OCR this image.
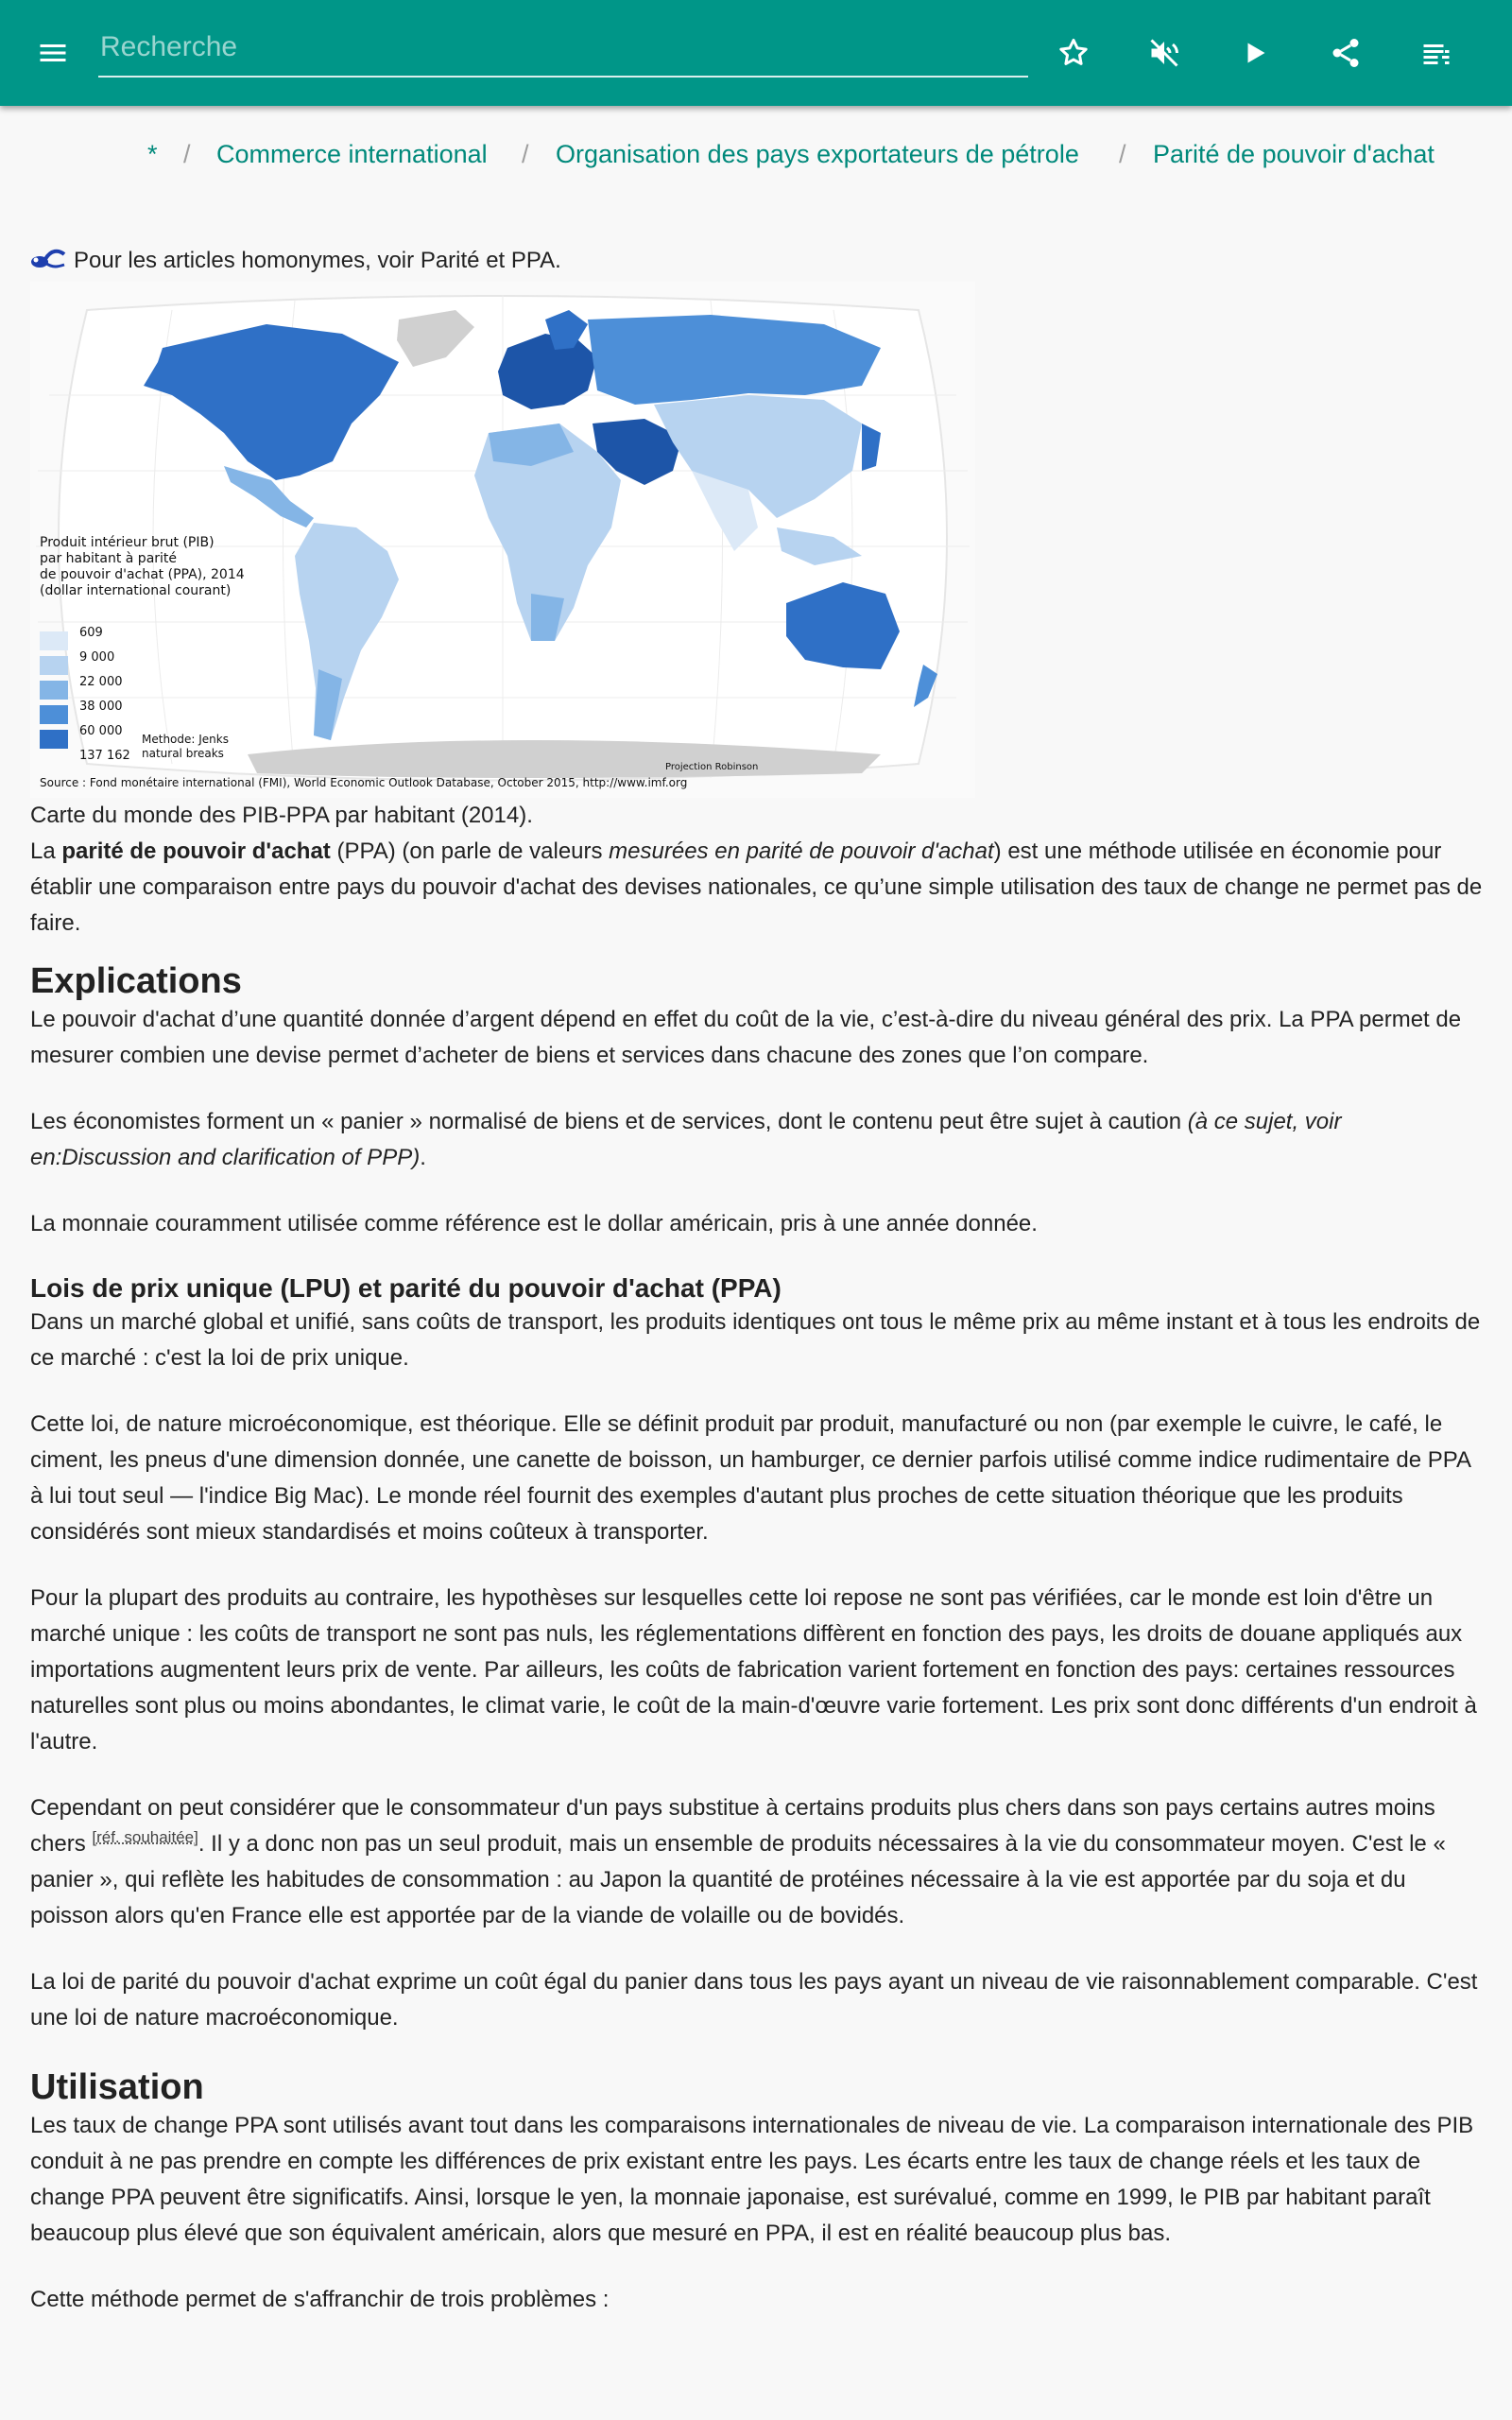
Recherche
* / Commerce international / Organisation des pays exportateurs de pétrole / Parité de pouvoir d'achat
Pour les articles homonymes, voir Parité et PPA.
Produit intérieur brut (PIB)
par habitant à parité
de pouvoir d'achat (PPA), 2014
(dollar international courant)
609
9 000
22 000
38 000
60 000
137 162
Methode: Jenks
natural breaks
Projection Robinson
Source : Fond monétaire international (FMI), World Economic Outlook Database, October 2015, http://www.imf.org

Carte du monde des PIB-PPA par habitant (2014).

La parité de pouvoir d'achat (PPA) (on parle de valeurs mesurées en parité de pouvoir d'achat) est une méthode utilisée en économie pour établir une comparaison entre pays du pouvoir d'achat des devises nationales, ce qu’une simple utilisation des taux de change ne permet pas de faire.

Explications

Le pouvoir d'achat d’une quantité donnée d’argent dépend en effet du coût de la vie, c’est-à-dire du niveau général des prix. La PPA permet de mesurer combien une devise permet d’acheter de biens et services dans chacune des zones que l’on compare.

Les économistes forment un « panier » normalisé de biens et de services, dont le contenu peut être sujet à caution (à ce sujet, voir en:Discussion and clarification of PPP).

La monnaie couramment utilisée comme référence est le dollar américain, pris à une année donnée.

Lois de prix unique (LPU) et parité du pouvoir d'achat (PPA)

Dans un marché global et unifié, sans coûts de transport, les produits identiques ont tous le même prix au même instant et à tous les endroits de ce marché : c'est la loi de prix unique.

Cette loi, de nature microéconomique, est théorique. Elle se définit produit par produit, manufacturé ou non (par exemple le cuivre, le café, le ciment, les pneus d'une dimension donnée, une canette de boisson, un hamburger, ce dernier parfois utilisé comme indice rudimentaire de PPA à lui tout seul — l'indice Big Mac). Le monde réel fournit des exemples d'autant plus proches de cette situation théorique que les produits considérés sont mieux standardisés et moins coûteux à transporter.

Pour la plupart des produits au contraire, les hypothèses sur lesquelles cette loi repose ne sont pas vérifiées, car le monde est loin d'être un marché unique : les coûts de transport ne sont pas nuls, les réglementations diffèrent en fonction des pays, les droits de douane appliqués aux importations augmentent leurs prix de vente. Par ailleurs, les coûts de fabrication varient fortement en fonction des pays: certaines ressources naturelles sont plus ou moins abondantes, le climat varie, le coût de la main-d'œuvre varie fortement. Les prix sont donc différents d'un endroit à l'autre.

Cependant on peut considérer que le consommateur d'un pays substitue à certains produits plus chers dans son pays certains autres moins chers [réf. souhaitée]. Il y a donc non pas un seul produit, mais un ensemble de produits nécessaires à la vie du consommateur moyen. C'est le « panier », qui reflète les habitudes de consommation : au Japon la quantité de protéines nécessaire à la vie est apportée par du soja et du poisson alors qu'en France elle est apportée par de la viande de volaille ou de bovidés.

La loi de parité du pouvoir d'achat exprime un coût égal du panier dans tous les pays ayant un niveau de vie raisonnablement comparable. C'est une loi de nature macroéconomique.

Utilisation

Les taux de change PPA sont utilisés avant tout dans les comparaisons internationales de niveau de vie. La comparaison internationale des PIB conduit à ne pas prendre en compte les différences de prix existant entre les pays. Les écarts entre les taux de change réels et les taux de change PPA peuvent être significatifs. Ainsi, lorsque le yen, la monnaie japonaise, est surévalué, comme en 1999, le PIB par habitant paraît beaucoup plus élevé que son équivalent américain, alors que mesuré en PPA, il est en réalité beaucoup plus bas.

Cette méthode permet de s'affranchir de trois problèmes :
